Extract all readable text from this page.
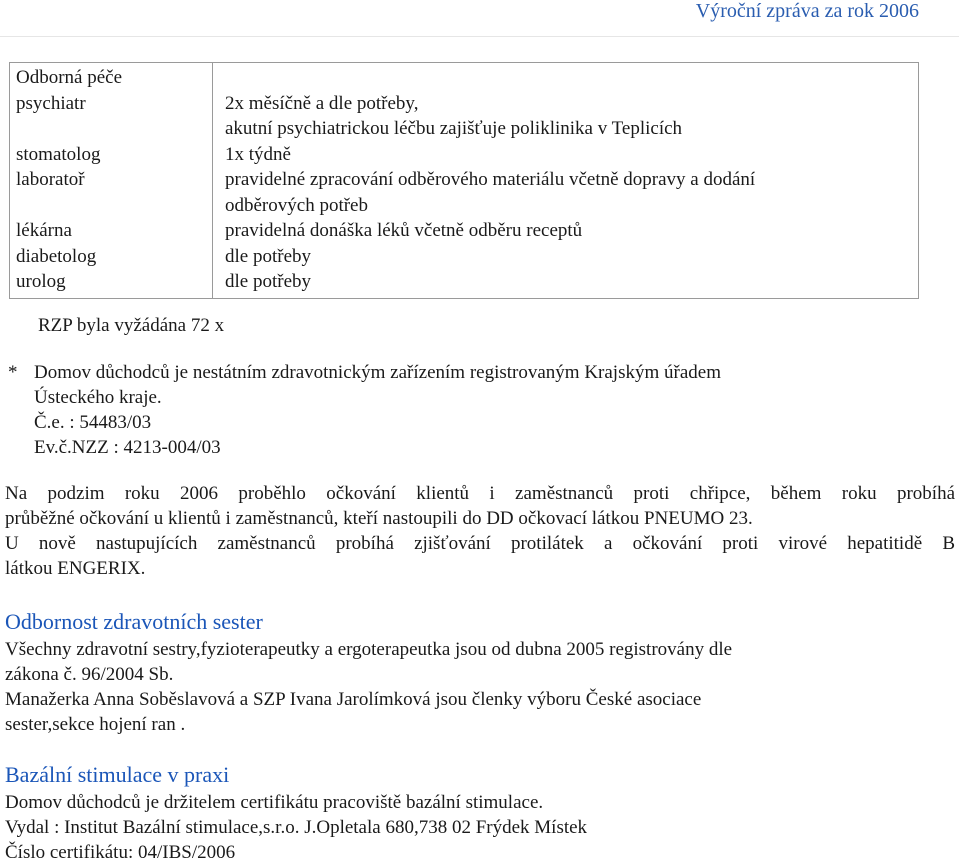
Výroční zpráva za rok 2006
Odborná péče	
psychiatr	2x měsíčně a dle potřeby,
akutní psychiatrickou léčbu zajišťuje poliklinika v Teplicích

stomatolog	1x týdně

laboratoř	pravidelné zpracování odběrového materiálu včetně dopravy a dodání
odběrových potřeb

lékárna	pravidelná donáška léků včetně odběru receptů

diabetolog	dle potřeby

urolog	dle potřeby
RZP byla vyžádána 72 x
* Domov důchodců je nestátním zdravotnickým zařízením registrovaným Krajským úřadem
Ústeckého kraje.
Č.e. : 54483/03
Ev.č.NZZ : 4213-004/03

Na podzim roku 2006 proběhlo očkování klientů i zaměstnanců proti chřipce, během roku probíhá

průběžné očkování u klientů i zaměstnanců, kteří nastoupili do DD očkovací látkou PNEUMO 23.

U nově nastupujících zaměstnanců probíhá zjišťování protilátek a očkování proti virové hepatitidě B

látkou ENGERIX.

Odbornost zdravotních sester

Všechny zdravotní sestry,fyzioterapeutky a ergoterapeutka jsou od dubna 2005 registrovány dle

zákona č. 96/2004 Sb.

Manažerka Anna Soběslavová a SZP Ivana Jarolímková jsou členky výboru České asociace

sester,sekce hojení ran .

Bazální stimulace v praxi

Domov důchodců je držitelem certifikátu pracoviště bazální stimulace.

Vydal : Institut Bazální stimulace,s.r.o. J.Opletala 680,738 02 Frýdek Místek

Číslo certifikátu: 04/IBS/2006
